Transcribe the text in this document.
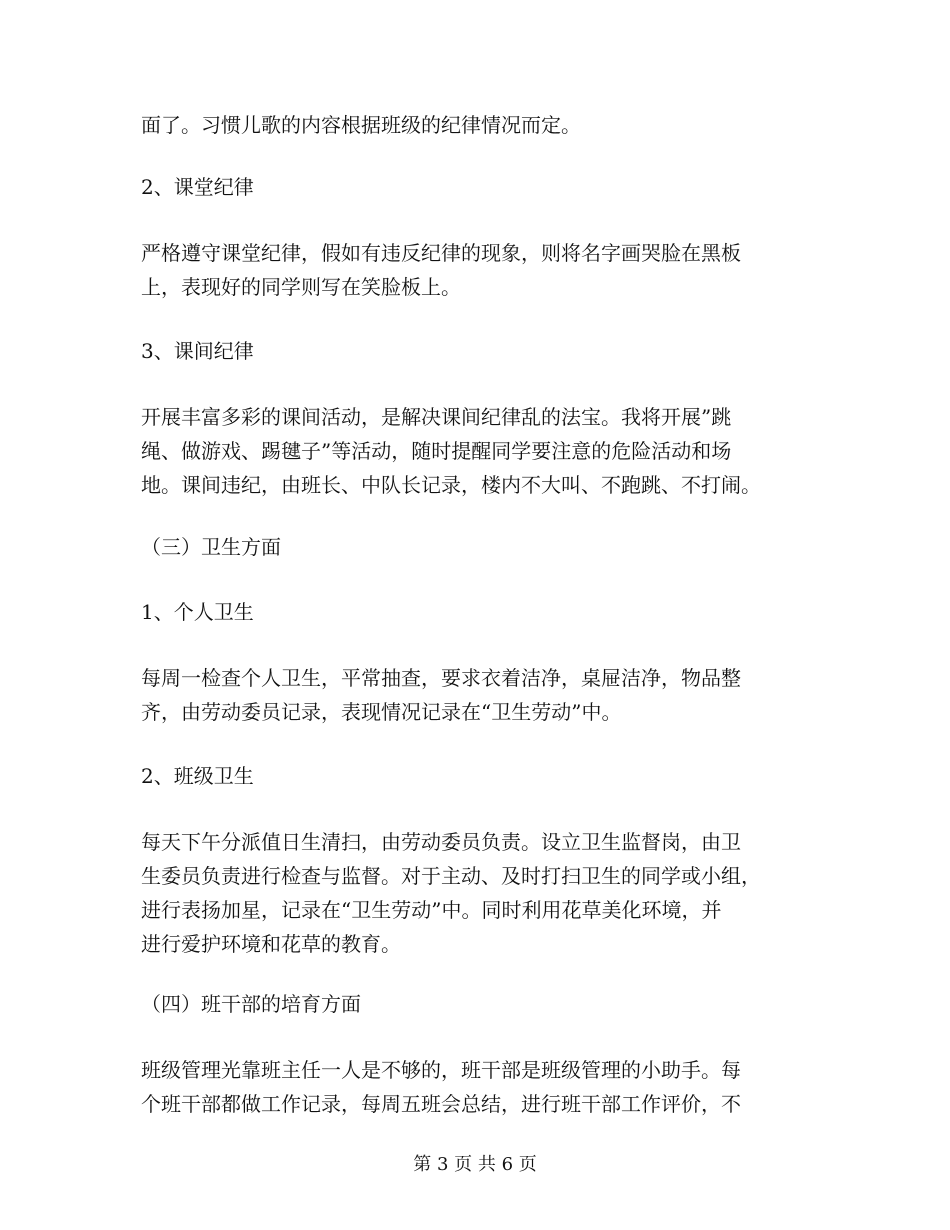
面了。习惯儿歌的内容根据班级的纪律情况而定。
2、课堂纪律
严格遵守课堂纪律，假如有违反纪律的现象，则将名字画哭脸在黑板
上，表现好的同学则写在笑脸板上。
3、课间纪律
开展丰富多彩的课间活动，是解决课间纪律乱的法宝。我将开展”跳
绳、做游戏、踢毽子”等活动，随时提醒同学要注意的危险活动和场
地。课间违纪，由班长、中队长记录，楼内不大叫、不跑跳、不打闹。
（三）卫生方面
1、个人卫生
每周一检查个人卫生，平常抽查，要求衣着洁净，桌屉洁净，物品整
齐，由劳动委员记录，表现情况记录在“卫生劳动”中。
2、班级卫生
每天下午分派值日生清扫，由劳动委员负责。设立卫生监督岗，由卫
生委员负责进行检查与监督。对于主动、及时打扫卫生的同学或小组，
进行表扬加星，记录在“卫生劳动”中。同时利用花草美化环境，并
进行爱护环境和花草的教育。
（四）班干部的培育方面
班级管理光靠班主任一人是不够的，班干部是班级管理的小助手。每
个班干部都做工作记录，每周五班会总结，进行班干部工作评价，不
第 3 页 共 6 页
